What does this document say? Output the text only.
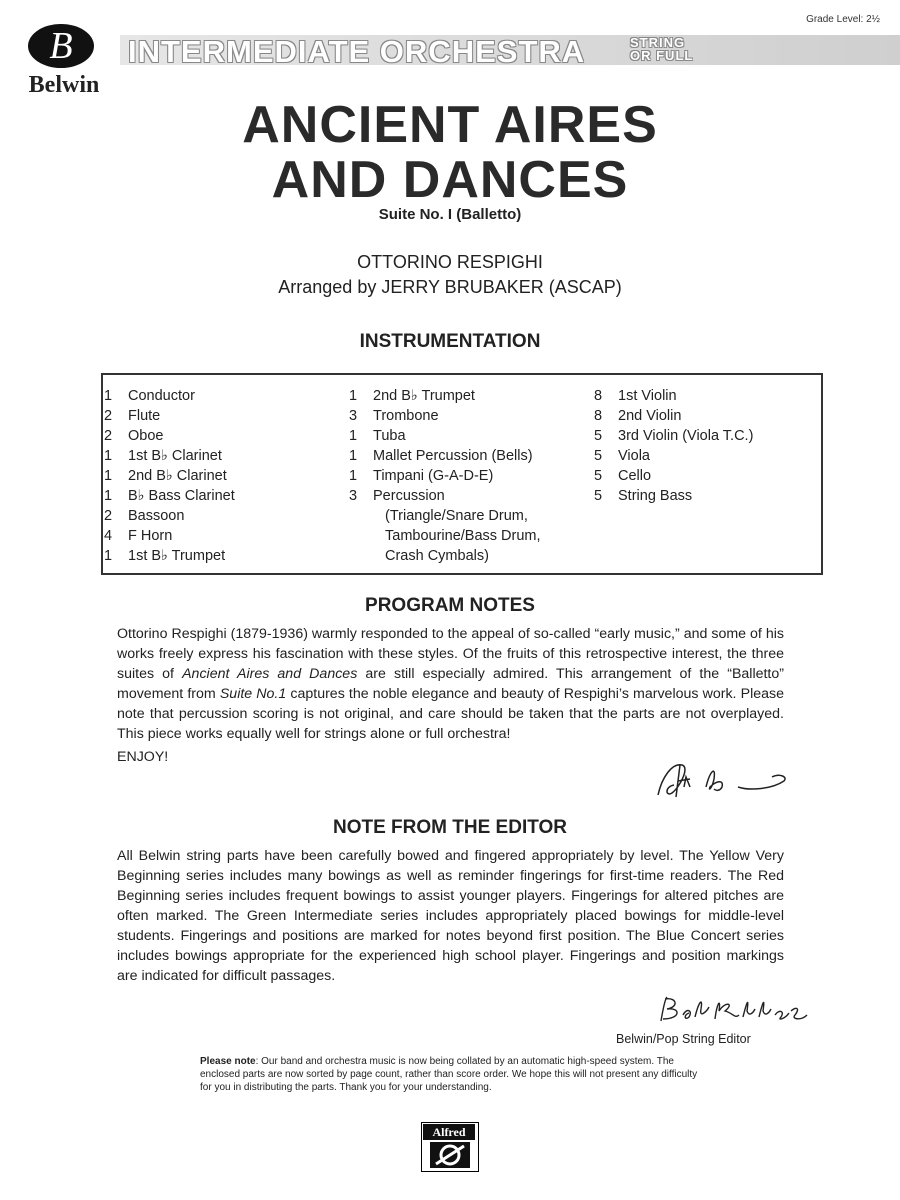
B
Belwin
Grade Level: 2½
INTERMEDIATE ORCHESTRA	STRING
OR FULL
ANCIENT AIRES
AND DANCES
Suite No. I (Balletto)
OTTORINO RESPIGHI
Arranged by JERRY BRUBAKER (ASCAP)
INSTRUMENTATION
1	Conductor
2	Flute
2	Oboe
1	1st B♭ Clarinet
1	2nd B♭ Clarinet
1	B♭ Bass Clarinet
2	Bassoon
4	F Horn
1	1st B♭ Trumpet
1	2nd B♭ Trumpet
3	Trombone
1	Tuba
1	Mallet Percussion (Bells)
1	Timpani (G-A-D-E)
3	Percussion
(Triangle/Snare Drum,
Tambourine/Bass Drum,
Crash Cymbals)
8	1st Violin
8	2nd Violin
5	3rd Violin (Viola T.C.)
5	Viola
5	Cello
5	String Bass
PROGRAM NOTES
Ottorino Respighi (1879-1936) warmly responded to the appeal of so-called “early music,” and some of his works freely express his fascination with these styles. Of the fruits of this retrospective interest, the three suites of Ancient Aires and Dances are still especially admired. This arrangement of the “Balletto” movement from Suite No.1 captures the noble elegance and beauty of Respighi’s marvelous work. Please note that percussion scoring is not original, and care should be taken that the parts are not overplayed. This piece works equally well for strings alone or full orchestra!
ENJOY!
NOTE FROM THE EDITOR
All Belwin string parts have been carefully bowed and fingered appropriately by level. The Yellow Very Beginning series includes many bowings as well as reminder fingerings for first-time readers. The Red Beginning series includes frequent bowings to assist younger players. Fingerings for altered pitches are often marked. The Green Intermediate series includes appropriately placed bowings for middle-level students. Fingerings and positions are marked for notes beyond first position. The Blue Concert series includes bowings appropriate for the experienced high school player. Fingerings and position markings are indicated for difficult passages.
Belwin/Pop String Editor
Please note: Our band and orchestra music is now being collated by an automatic high-speed system. The enclosed parts are now sorted by page count, rather than score order. We hope this will not present any difficulty for you in distributing the parts. Thank you for your understanding.
Alfred
